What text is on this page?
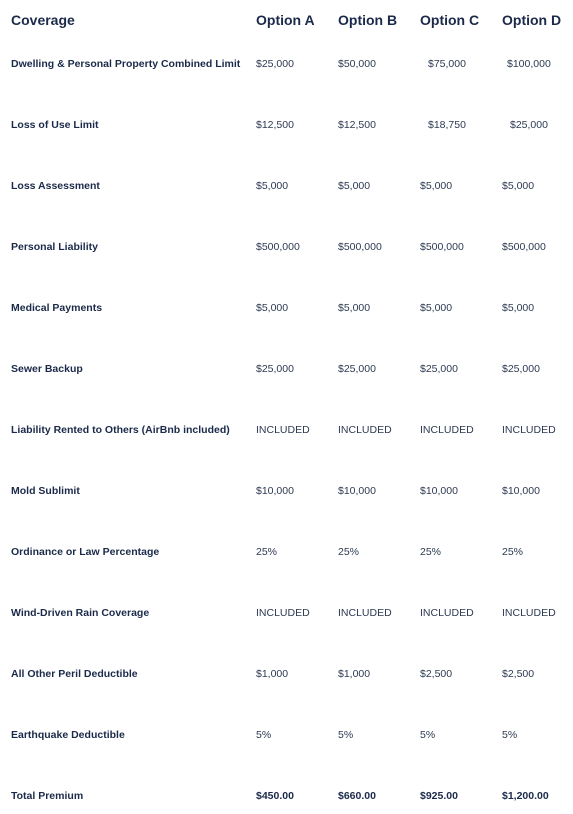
Coverage	Option A Option B Option C Option D
Dwelling & Personal Property Combined Limit $25,000	$50,000	$75,000	$100,000
Loss of Use Limit	$12,500	$12,500	$18,750	$25,000
Loss Assessment	$5,000	$5,000	$5,000	$5,000
Personal Liability	$500,000	$500,000	$500,000	$500,000
Medical Payments	$5,000	$5,000	$5,000	$5,000
Sewer Backup	$25,000	$25,000	$25,000	$25,000
Liability Rented to Others (AirBnb included) INCLUDED	INCLUDED	INCLUDED	INCLUDED
Mold Sublimit	$10,000	$10,000	$10,000	$10,000
Ordinance or Law Percentage	25%	25%	25%	25%
Wind-Driven Rain Coverage	INCLUDED	INCLUDED	INCLUDED	INCLUDED
All Other Peril Deductible	$1,000	$1,000	$2,500	$2,500
Earthquake Deductible	5%	5%	5%	5%
Total Premium	$450.00	$660.00	$925.00	$1,200.00
